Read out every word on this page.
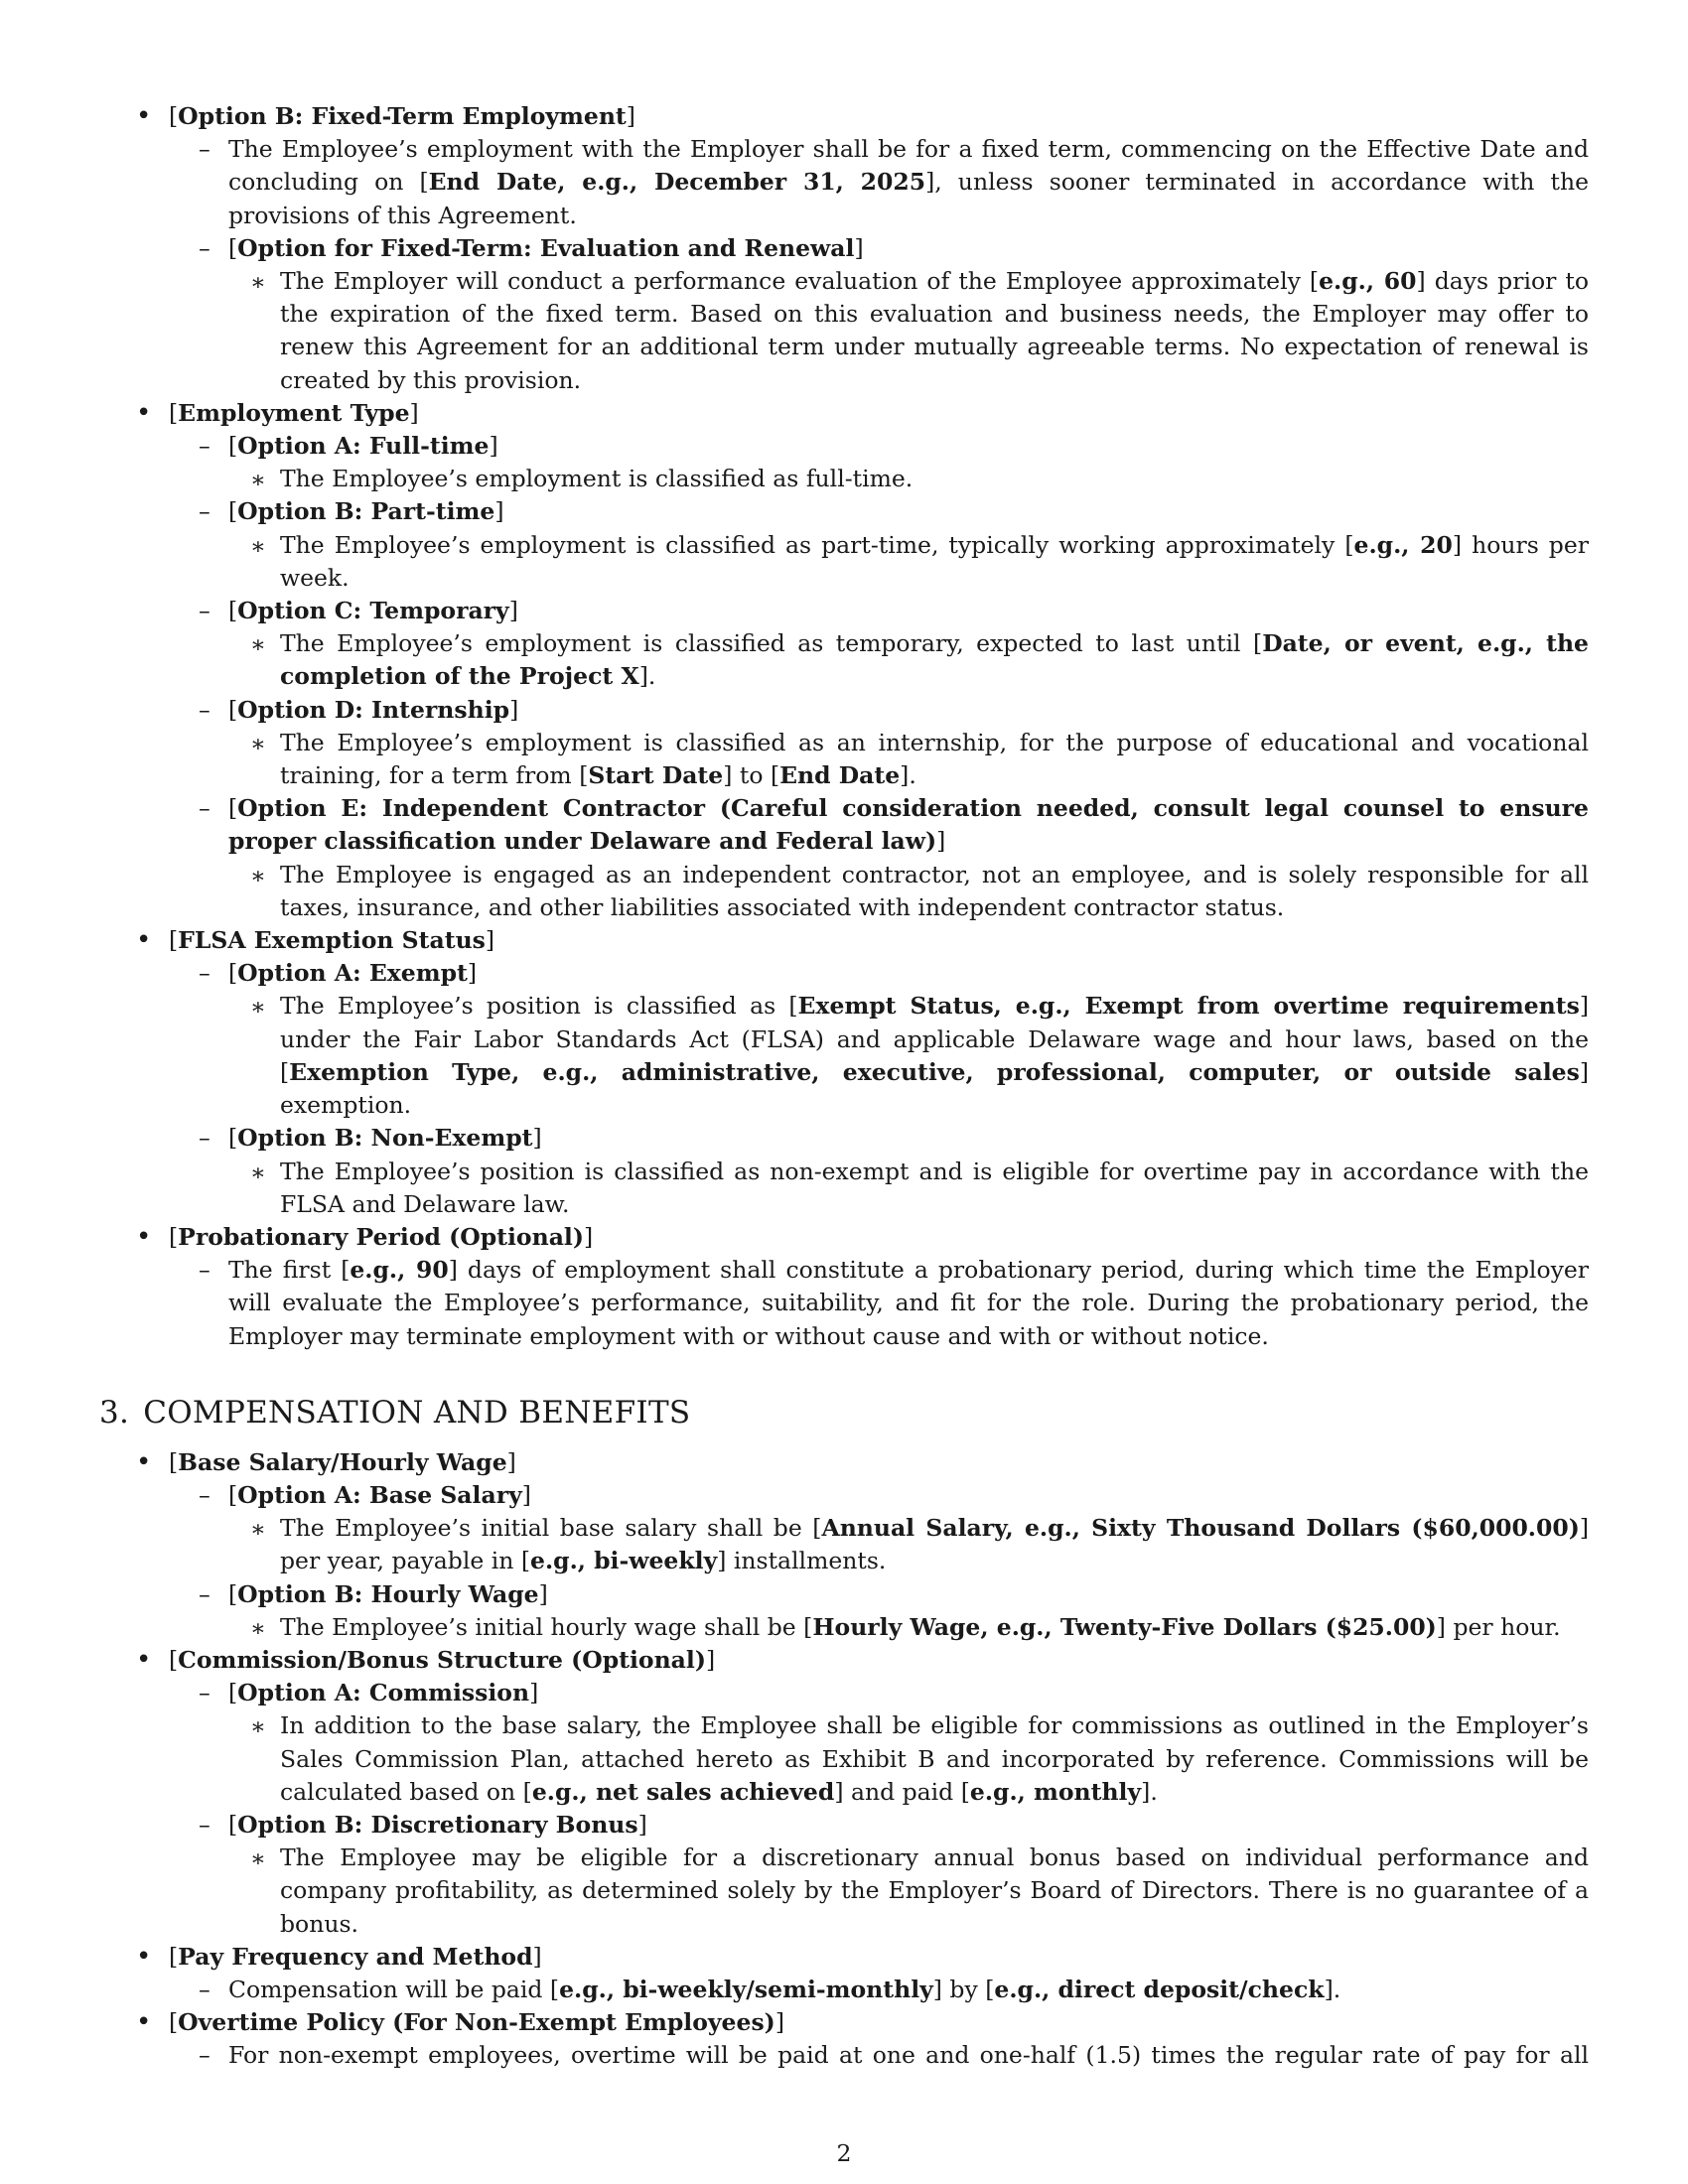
• [Option B: Fixed-Term Employment]
– The Employee’s employment with the Employer shall be for a fixed term, commencing on the Effective Date and concluding on [End Date, e.g., December 31, 2025], unless sooner terminated in accordance with the provisions of this Agreement.
– [Option for Fixed-Term: Evaluation and Renewal]
∗ The Employer will conduct a performance evaluation of the Employee approximately [e.g., 60] days prior to the expiration of the fixed term. Based on this evaluation and business needs, the Employer may offer to renew this Agreement for an additional term under mutually agreeable terms. No expectation of renewal is created by this provision.
• [Employment Type]
– [Option A: Full-time]
∗ The Employee’s employment is classified as full-time.
– [Option B: Part-time]
∗ The Employee’s employment is classified as part-time, typically working approximately [e.g., 20] hours per week.
– [Option C: Temporary]
∗ The Employee’s employment is classified as temporary, expected to last until [Date, or event, e.g., the completion of the Project X].
– [Option D: Internship]
∗ The Employee’s employment is classified as an internship, for the purpose of educational and vocational training, for a term from [Start Date] to [End Date].
– [Option E: Independent Contractor (Careful consideration needed, consult legal counsel to ensure proper classification under Delaware and Federal law)]
∗ The Employee is engaged as an independent contractor, not an employee, and is solely responsible for all taxes, insurance, and other liabilities associated with independent contractor status.
• [FLSA Exemption Status]
– [Option A: Exempt]
∗ The Employee’s position is classified as [Exempt Status, e.g., Exempt from overtime requirements] under the Fair Labor Standards Act (FLSA) and applicable Delaware wage and hour laws, based on the [Exemption Type, e.g., administrative, executive, professional, computer, or outside sales] exemption.
– [Option B: Non-Exempt]
∗ The Employee’s position is classified as non-exempt and is eligible for overtime pay in accordance with the FLSA and Delaware law.
• [Probationary Period (Optional)]
– The first [e.g., 90] days of employment shall constitute a probationary period, during which time the Employer will evaluate the Employee’s performance, suitability, and fit for the role. During the probationary period, the Employer may terminate employment with or without cause and with or without notice.
3. COMPENSATION AND BENEFITS
• [Base Salary/Hourly Wage]
– [Option A: Base Salary]
∗ The Employee’s initial base salary shall be [Annual Salary, e.g., Sixty Thousand Dollars ($60,000.00)] per year, payable in [e.g., bi-weekly] installments.
– [Option B: Hourly Wage]
∗ The Employee’s initial hourly wage shall be [Hourly Wage, e.g., Twenty-Five Dollars ($25.00)] per hour.
• [Commission/Bonus Structure (Optional)]
– [Option A: Commission]
∗ In addition to the base salary, the Employee shall be eligible for commissions as outlined in the Employer’s Sales Commission Plan, attached hereto as Exhibit B and incorporated by reference. Commissions will be calculated based on [e.g., net sales achieved] and paid [e.g., monthly].
– [Option B: Discretionary Bonus]
∗ The Employee may be eligible for a discretionary annual bonus based on individual performance and company profitability, as determined solely by the Employer’s Board of Directors. There is no guarantee of a bonus.
• [Pay Frequency and Method]
– Compensation will be paid [e.g., bi-weekly/semi-monthly] by [e.g., direct deposit/check].
• [Overtime Policy (For Non-Exempt Employees)]
– For non-exempt employees, overtime will be paid at one and one-half (1.5) times the regular rate of pay for all
2
